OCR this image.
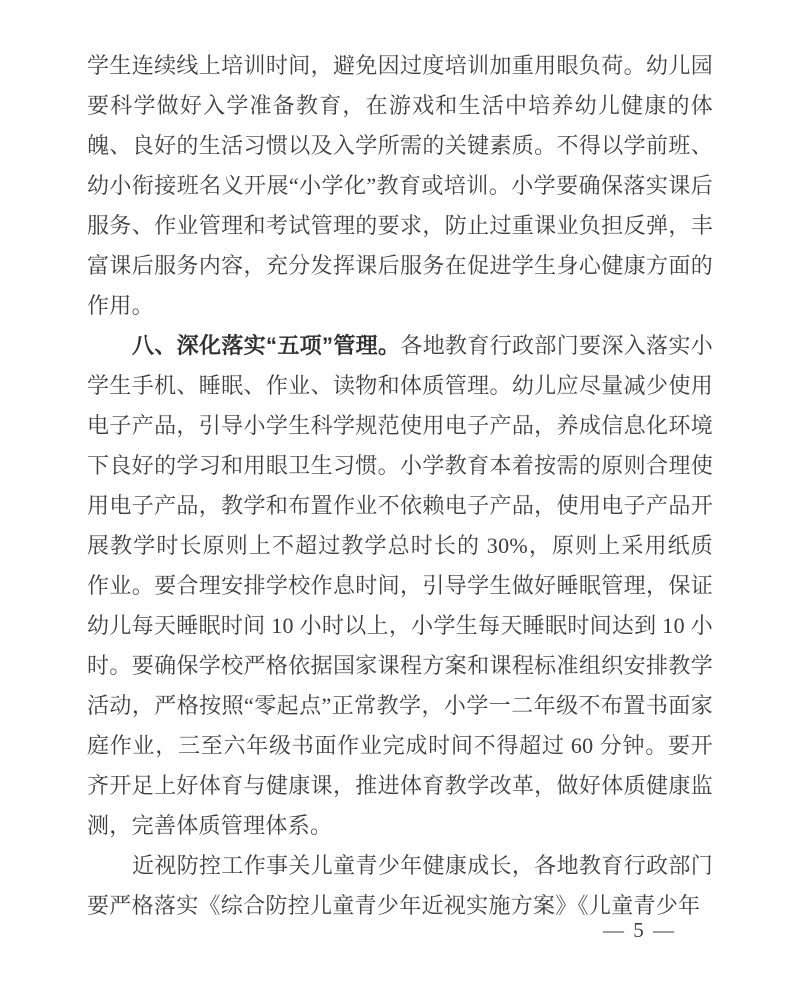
学生连续线上培训时间，避免因过度培训加重用眼负荷。幼儿园要科学做好入学准备教育，在游戏和生活中培养幼儿健康的体魄、良好的生活习惯以及入学所需的关键素质。不得以学前班、幼小衔接班名义开展“小学化”教育或培训。小学要确保落实课后服务、作业管理和考试管理的要求，防止过重课业负担反弹，丰富课后服务内容，充分发挥课后服务在促进学生身心健康方面的作用。

八、深化落实“五项”管理。各地教育行政部门要深入落实小学生手机、睡眠、作业、读物和体质管理。幼儿应尽量减少使用电子产品，引导小学生科学规范使用电子产品，养成信息化环境下良好的学习和用眼卫生习惯。小学教育本着按需的原则合理使用电子产品，教学和布置作业不依赖电子产品，使用电子产品开展教学时长原则上不超过教学总时长的 30%，原则上采用纸质作业。要合理安排学校作息时间，引导学生做好睡眠管理，保证幼儿每天睡眠时间 10 小时以上，小学生每天睡眠时间达到 10 小时。要确保学校严格依据国家课程方案和课程标准组织安排教学活动，严格按照“零起点”正常教学，小学一二年级不布置书面家庭作业，三至六年级书面作业完成时间不得超过 60 分钟。要开齐开足上好体育与健康课，推进体育教学改革，做好体质健康监测，完善体质管理体系。

近视防控工作事关儿童青少年健康成长，各地教育行政部门要严格落实《综合防控儿童青少年近视实施方案》《儿童青少年

— 5 —
